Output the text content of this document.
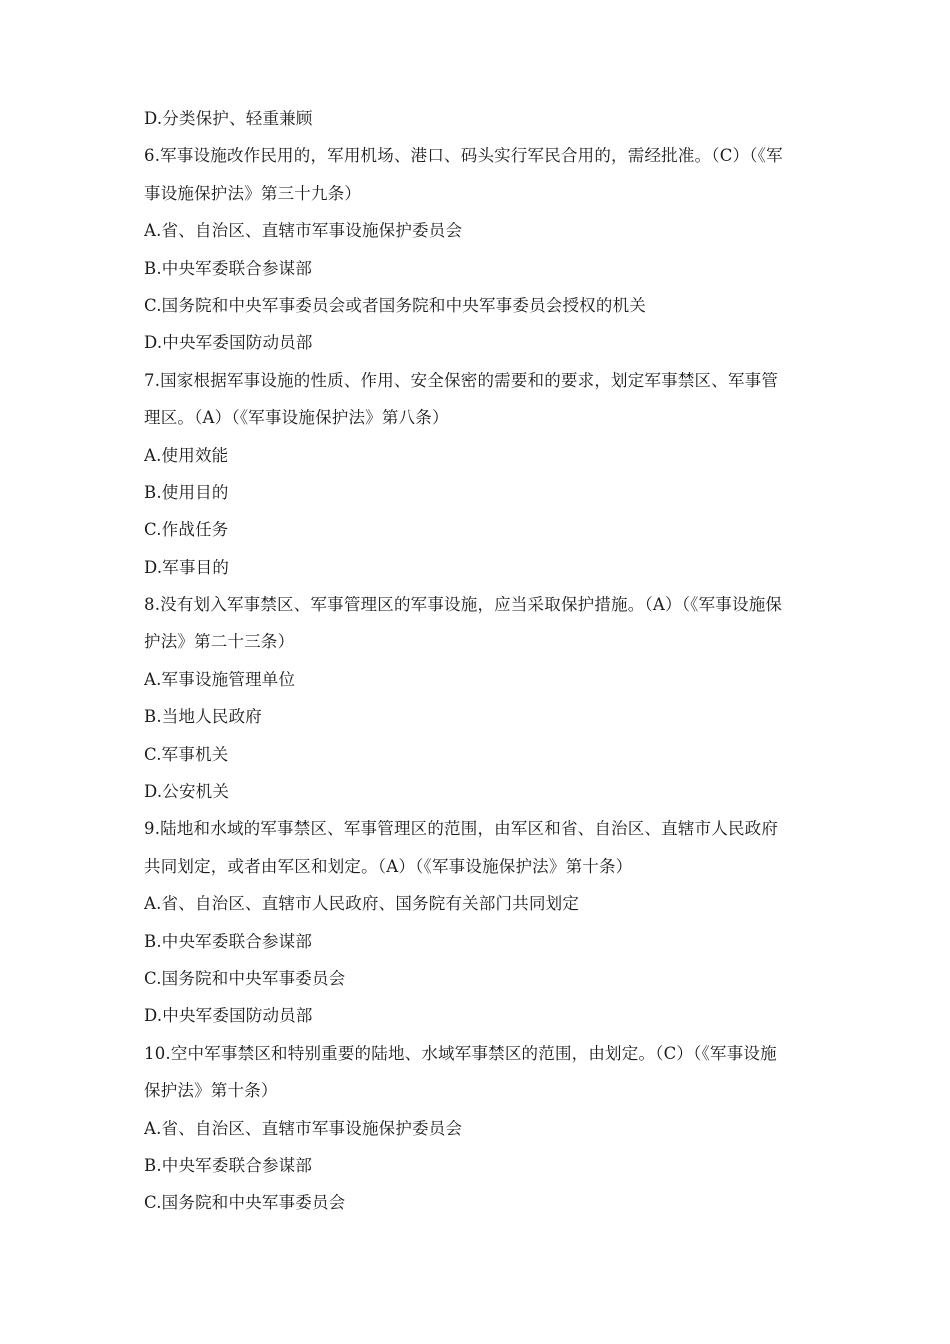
D.分类保护、轻重兼顾
6.军事设施改作民用的，军用机场、港口、码头实行军民合用的，需经批准。（C）（《军
事设施保护法》第三十九条）
A.省、自治区、直辖市军事设施保护委员会
B.中央军委联合参谋部
C.国务院和中央军事委员会或者国务院和中央军事委员会授权的机关
D.中央军委国防动员部
7.国家根据军事设施的性质、作用、安全保密的需要和的要求，划定军事禁区、军事管
理区。（A）（《军事设施保护法》第八条）
A.使用效能
B.使用目的
C.作战任务
D.军事目的
8.没有划入军事禁区、军事管理区的军事设施，应当采取保护措施。（A）（《军事设施保
护法》第二十三条）
A.军事设施管理单位
B.当地人民政府
C.军事机关
D.公安机关
9.陆地和水域的军事禁区、军事管理区的范围，由军区和省、自治区、直辖市人民政府
共同划定，或者由军区和划定。（A）（《军事设施保护法》第十条）
A.省、自治区、直辖市人民政府、国务院有关部门共同划定
B.中央军委联合参谋部
C.国务院和中央军事委员会
D.中央军委国防动员部
10.空中军事禁区和特别重要的陆地、水域军事禁区的范围，由划定。（C）（《军事设施
保护法》第十条）
A.省、自治区、直辖市军事设施保护委员会
B.中央军委联合参谋部
C.国务院和中央军事委员会
